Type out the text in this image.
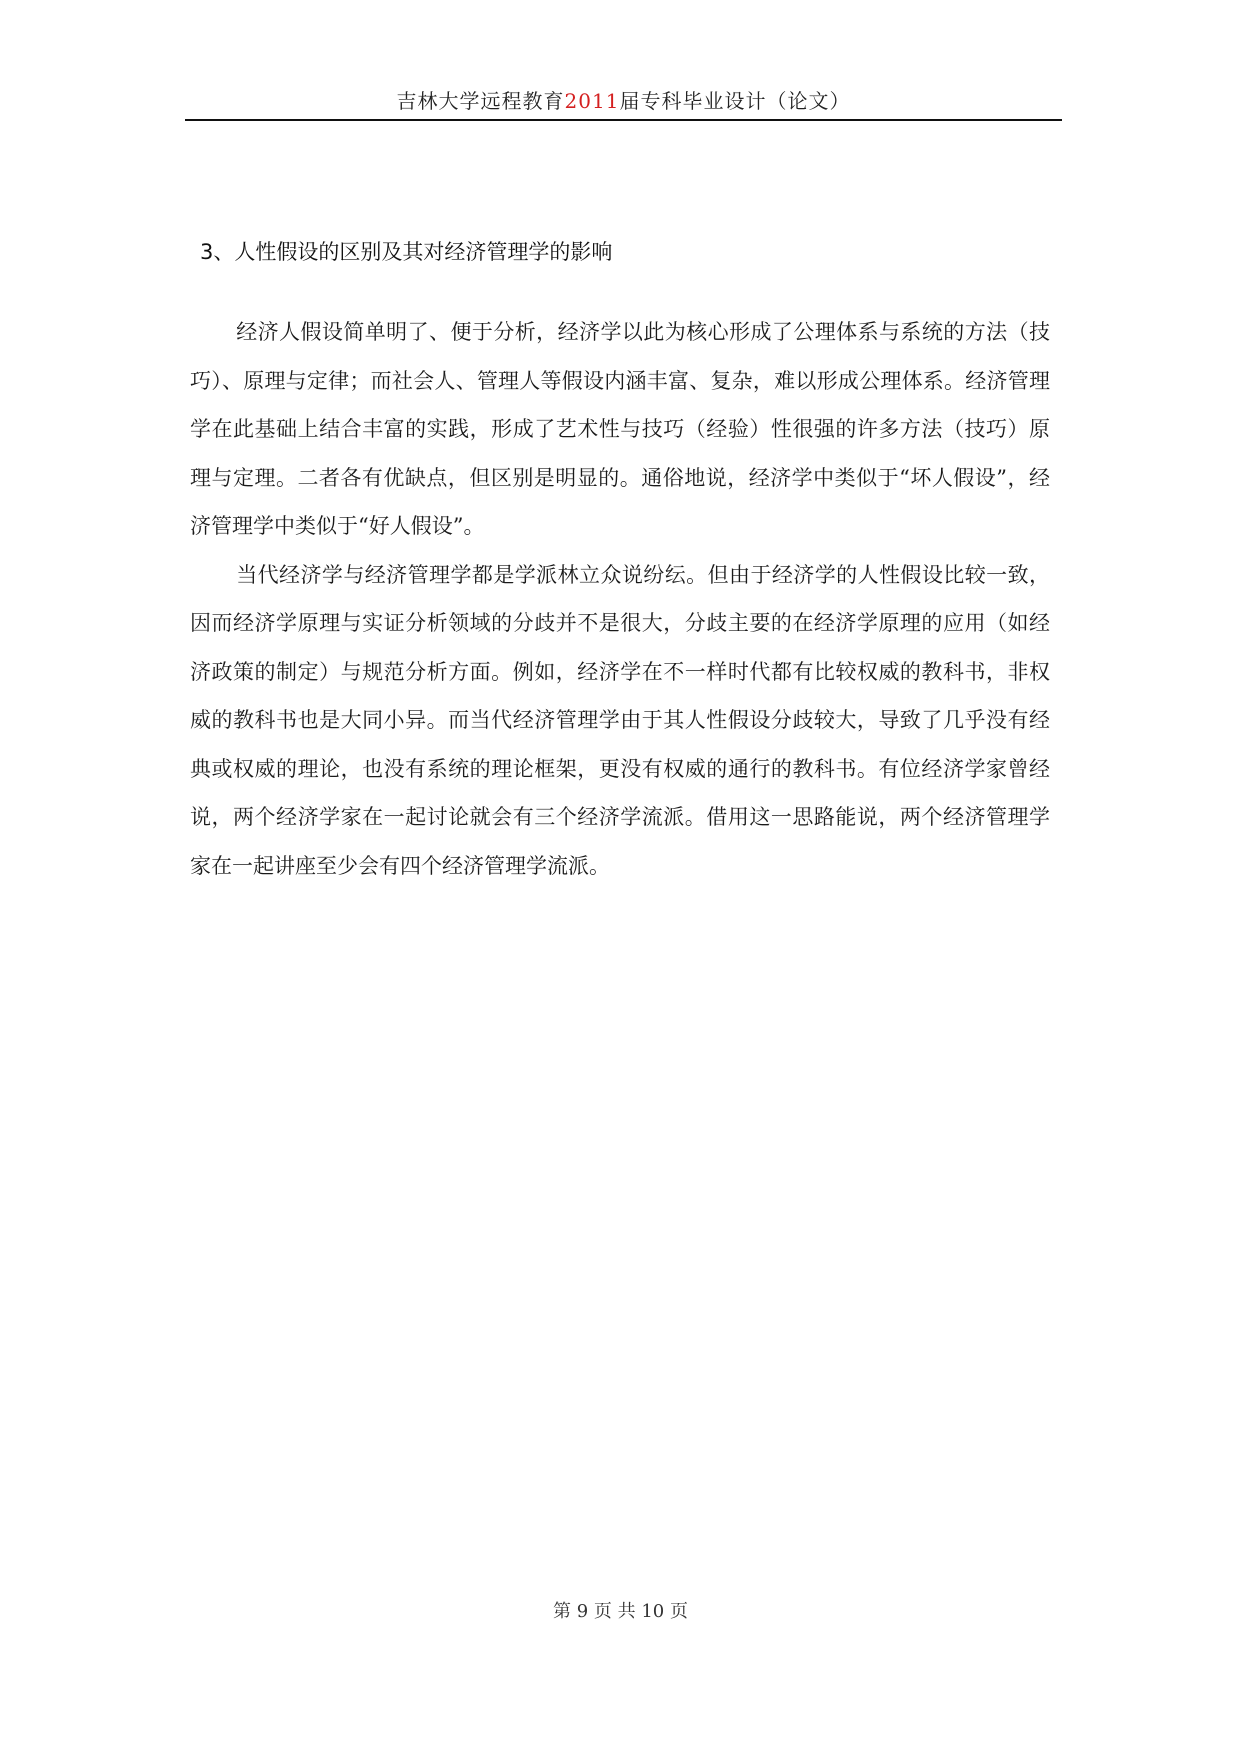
吉林大学远程教育2011届专科毕业设计（论文）
3、人性假设的区别及其对经济管理学的影响

经济人假设简单明了、便于分析，经济学以此为核心形成了公理体系与系统的方法（技巧）、原理与定律；而社会人、管理人等假设内涵丰富、复杂，难以形成公理体系。经济管理学在此基础上结合丰富的实践，形成了艺术性与技巧（经验）性很强的许多方法（技巧）原理与定理。二者各有优缺点，但区别是明显的。通俗地说，经济学中类似于“坏人假设”，经济管理学中类似于“好人假设”。

当代经济学与经济管理学都是学派林立众说纷纭。但由于经济学的人性假设比较一致，因而经济学原理与实证分析领域的分歧并不是很大，分歧主要的在经济学原理的应用（如经济政策的制定）与规范分析方面。例如，经济学在不一样时代都有比较权威的教科书，非权威的教科书也是大同小异。而当代经济管理学由于其人性假设分歧较大，导致了几乎没有经典或权威的理论，也没有系统的理论框架，更没有权威的通行的教科书。有位经济学家曾经说，两个经济学家在一起讨论就会有三个经济学流派。借用这一思路能说，两个经济管理学家在一起讲座至少会有四个经济管理学流派。

第 9 页 共 10 页
